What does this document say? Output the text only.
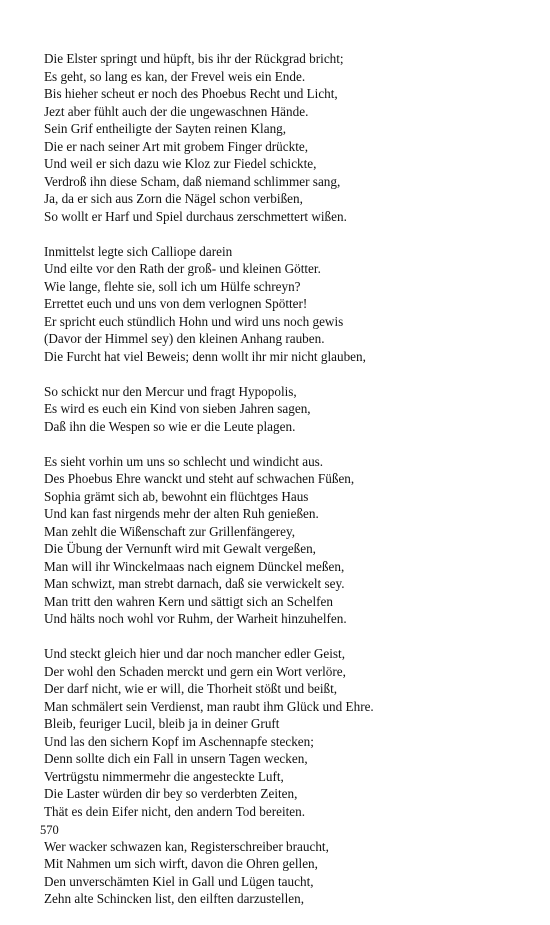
Die Elster springt und hüpft, bis ihr der Rückgrad bricht;
Es geht, so lang es kan, der Frevel weis ein Ende.
Bis hieher scheut er noch des Phoebus Recht und Licht,
Jezt aber fühlt auch der die ungewaschnen Hände.
Sein Grif entheiligte der Sayten reinen Klang,
Die er nach seiner Art mit grobem Finger drückte,
Und weil er sich dazu wie Kloz zur Fiedel schickte,
Verdroß ihn diese Scham, daß niemand schlimmer sang,
Ja, da er sich aus Zorn die Nägel schon verbißen,
So wollt er Harf und Spiel durchaus zerschmettert wißen.
Inmittelst legte sich Calliope darein
Und eilte vor den Rath der groß- und kleinen Götter.
Wie lange, flehte sie, soll ich um Hülfe schreyn?
Errettet euch und uns von dem verlognen Spötter!
Er spricht euch stündlich Hohn und wird uns noch gewis
(Davor der Himmel sey) den kleinen Anhang rauben.
Die Furcht hat viel Beweis; denn wollt ihr mir nicht glauben,
So schickt nur den Mercur und fragt Hypopolis,
Es wird es euch ein Kind von sieben Jahren sagen,
Daß ihn die Wespen so wie er die Leute plagen.
Es sieht vorhin um uns so schlecht und windicht aus.
Des Phoebus Ehre wanckt und steht auf schwachen Füßen,
Sophia grämt sich ab, bewohnt ein flüchtges Haus
Und kan fast nirgends mehr der alten Ruh genießen.
Man zehlt die Wißenschaft zur Grillenfängerey,
Die Übung der Vernunft wird mit Gewalt vergeßen,
Man will ihr Winckelmaas nach eignem Dünckel meßen,
Man schwizt, man strebt darnach, daß sie verwickelt sey.
Man tritt den wahren Kern und sättigt sich an Schelfen
Und hälts noch wohl vor Ruhm, der Warheit hinzuhelfen.
Und steckt gleich hier und dar noch mancher edler Geist,
Der wohl den Schaden merckt und gern ein Wort verlöre,
Der darf nicht, wie er will, die Thorheit stößt und beißt,
Man schmälert sein Verdienst, man raubt ihm Glück und Ehre.
Bleib, feuriger Lucil, bleib ja in deiner Gruft
Und las den sichern Kopf im Aschennapfe stecken;
Denn sollte dich ein Fall in unsern Tagen wecken,
Vertrügstu nimmermehr die angesteckte Luft,
Die Laster würden dir bey so verderbten Zeiten,
Thät es dein Eifer nicht, den andern Tod bereiten.
Wer wacker schwazen kan, Registerschreiber braucht,
Mit Nahmen um sich wirft, davon die Ohren gellen,
Den unverschämten Kiel in Gall und Lügen taucht,
Zehn alte Schincken list, den eilften darzustellen,
570
